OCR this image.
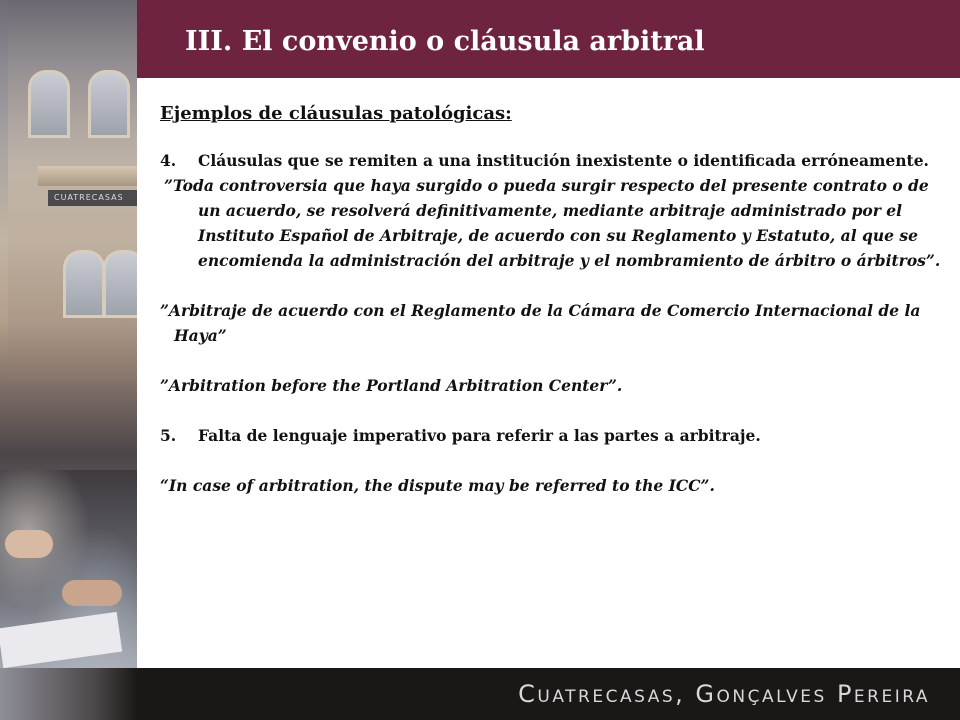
CUATRECASAS
III. El convenio o cláusula arbitral

Ejemplos de cláusulas patológicas:

4.	Cláusulas que se remiten a una institución inexistente o identificada erróneamente.

”Toda controversia que haya surgido o pueda surgir respecto del presente contrato o de un acuerdo, se resolverá definitivamente, mediante arbitraje administrado por el Instituto Español de Arbitraje, de acuerdo con su Reglamento y Estatuto, al que se encomienda la administración del arbitraje y el nombramiento de árbitro o árbitros”.

”Arbitraje de acuerdo con el Reglamento de la Cámara de Comercio Internacional de la Haya”

”Arbitration before the Portland Arbitration Center”.

5.	Falta de lenguaje imperativo para referir a las partes a arbitraje.

“In case of arbitration, the dispute may be referred to the ICC”.

Cuatrecasas, Gonçalves Pereira
